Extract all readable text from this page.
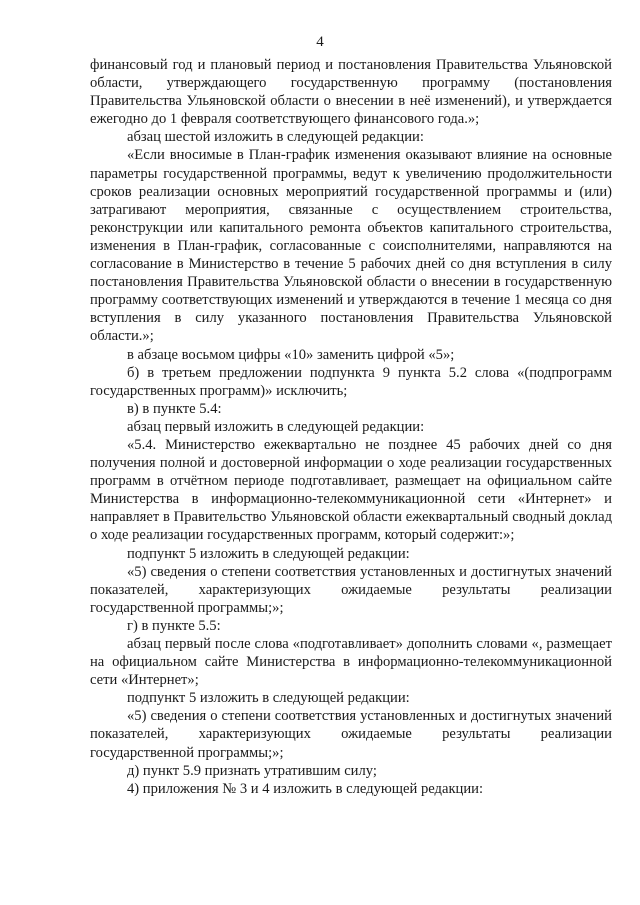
4

финансовый год и плановый период и постановления Правительства Ульяновской области, утверждающего государственную программу (постановления Правительства Ульяновской области о внесении в неё изменений), и утверждается ежегодно до 1 февраля соответствующего финансового года.»;

абзац шестой изложить в следующей редакции:

«Если вносимые в План-график изменения оказывают влияние на основные параметры государственной программы, ведут к увеличению продолжительности сроков реализации основных мероприятий государственной программы и (или) затрагивают мероприятия, связанные с осуществлением строительства, реконструкции или капитального ремонта объектов капитального строительства, изменения в План-график, согласованные с соисполнителями, направляются на согласование в Министерство в течение 5 рабочих дней со дня вступления в силу постановления Правительства Ульяновской области о внесении в государственную программу соответствующих изменений и утверждаются в течение 1 месяца со дня вступления в силу указанного постановления Правительства Ульяновской области.»;

в абзаце восьмом цифры «10» заменить цифрой «5»;

б) в третьем предложении подпункта 9 пункта 5.2 слова «(подпрограмм государственных программ)» исключить;

в) в пункте 5.4:

абзац первый изложить в следующей редакции:

«5.4. Министерство ежеквартально не позднее 45 рабочих дней со дня получения полной и достоверной информации о ходе реализации государственных программ в отчётном периоде подготавливает, размещает на официальном сайте Министерства в информационно-телекоммуникационной сети «Интернет» и направляет в Правительство Ульяновской области ежеквартальный сводный доклад о ходе реализации государственных программ, который содержит:»;

подпункт 5 изложить в следующей редакции:

«5) сведения о степени соответствия установленных и достигнутых значений показателей, характеризующих ожидаемые результаты реализации государственной программы;»;

г) в пункте 5.5:

абзац первый после слова «подготавливает» дополнить словами «, размещает на официальном сайте Министерства в информационно-телекоммуникационной сети «Интернет»;

подпункт 5 изложить в следующей редакции:

«5) сведения о степени соответствия установленных и достигнутых значений показателей, характеризующих ожидаемые результаты реализации государственной программы;»;

д) пункт 5.9 признать утратившим силу;

4) приложения № 3 и 4 изложить в следующей редакции:
